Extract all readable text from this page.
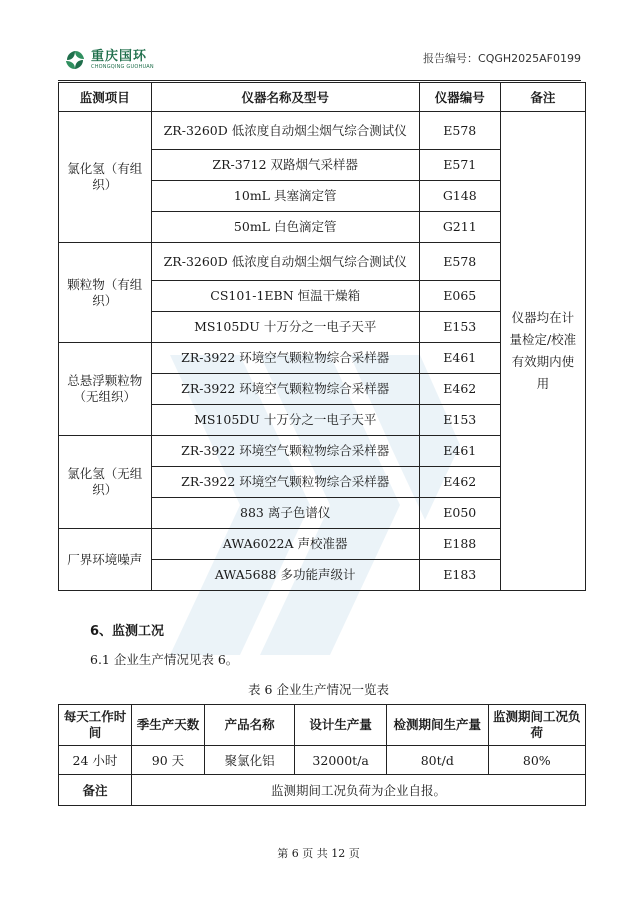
重庆国环
CHONGQING GUOHUAN
报告编号：CQGH2025AF0199
监测项目	仪器名称及型号	仪器编号	备注
氯化氢（有组织）	ZR-3260D 低浓度自动烟尘烟气综合测试仪	E578	仪器均在计量检定/校准有效期内使用
	ZR-3712 双路烟气采样器	E571	
	10mL 具塞滴定管	G148	
	50mL 白色滴定管	G211	
颗粒物（有组织）	ZR-3260D 低浓度自动烟尘烟气综合测试仪	E578	
	CS101-1EBN 恒温干燥箱	E065	
	MS105DU 十万分之一电子天平	E153	
总悬浮颗粒物（无组织）	ZR-3922 环境空气颗粒物综合采样器	E461	
	ZR-3922 环境空气颗粒物综合采样器	E462	
	MS105DU 十万分之一电子天平	E153	
氯化氢（无组织）	ZR-3922 环境空气颗粒物综合采样器	E461	
	ZR-3922 环境空气颗粒物综合采样器	E462	
	883 离子色谱仪	E050	
厂界环境噪声	AWA6022A 声校准器	E188	
	AWA5688 多功能声级计	E183	
6、监测工况
6.1 企业生产情况见表 6。
表 6 企业生产情况一览表
每天工作时间	季生产天数	产品名称	设计生产量	检测期间生产量	监测期间工况负荷
24 小时	90 天	聚氯化铝	32000t/a	80t/d	80%
备注	监测期间工况负荷为企业自报。				
第 6 页 共 12 页
